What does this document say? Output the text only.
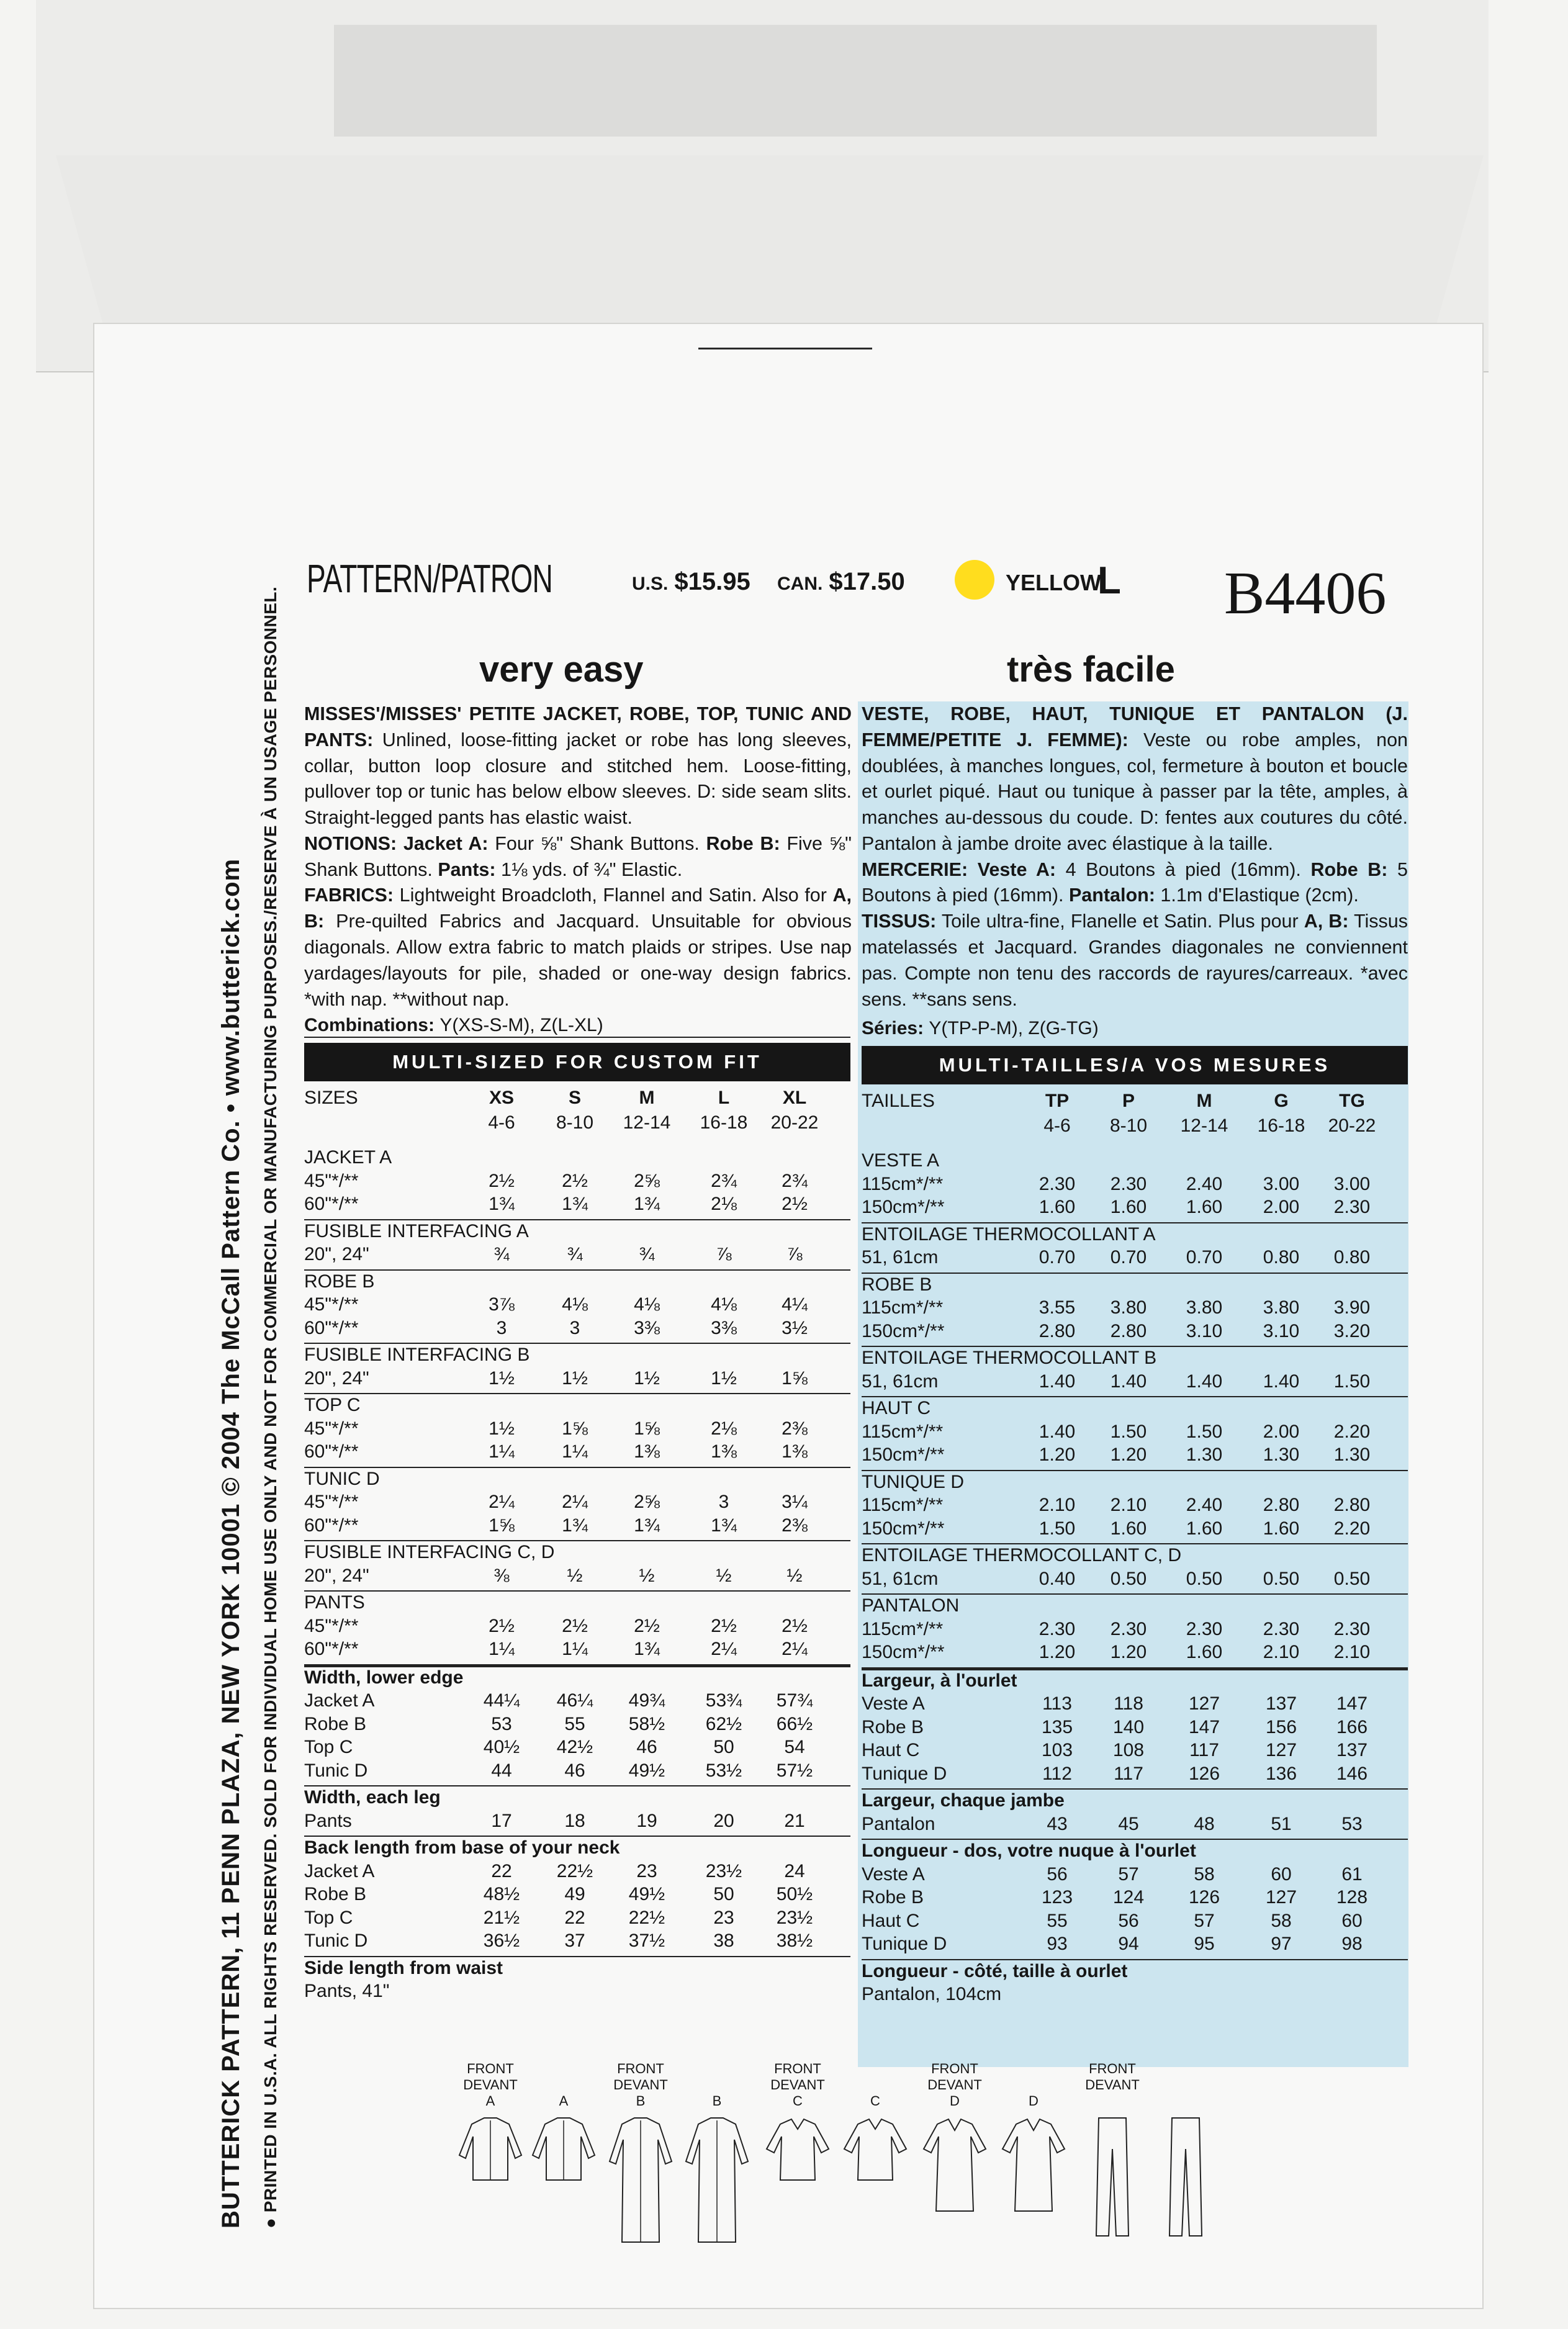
PATTERN/PATRON	U.S. $15.95 CAN. $17.50	YELLOW
L B4406
very easy	très facile
MISSES'/MISSES' PETITE JACKET, ROBE, TOP, TUNIC AND PANTS: Unlined, loose-fitting jacket or robe has long sleeves, collar, button loop closure and stitched hem. Loose-fitting, pullover top or tunic has below elbow sleeves. D: side seam slits. Straight-legged pants has elastic waist.
NOTIONS: Jacket A: Four ⅝" Shank Buttons. Robe B: Five ⅝" Shank Buttons. Pants: 1⅛ yds. of ¾" Elastic.
FABRICS: Lightweight Broadcloth, Flannel and Satin. Also for A, B: Pre-quilted Fabrics and Jacquard. Unsuitable for obvious diagonals. Allow extra fabric to match plaids or stripes. Use nap yardages/layouts for pile, shaded or one-way design fabrics. *with nap. **without nap.
VESTE, ROBE, HAUT, TUNIQUE ET PANTALON (J. FEMME/PETITE J. FEMME): Veste ou robe amples, non doublées, à manches longues, col, fermeture à bouton et boucle et ourlet piqué. Haut ou tunique à passer par la tête, amples, à manches au-dessous du coude. D: fentes aux coutures du côté. Pantalon à jambe droite avec élastique à la taille.
MERCERIE: Veste A: 4 Boutons à pied (16mm). Robe B: 5 Boutons à pied (16mm). Pantalon: 1.1m d'Elastique (2cm).
TISSUS: Toile ultra-fine, Flanelle et Satin. Plus pour A, B: Tissus matelassés et Jacquard. Grandes diagonales ne conviennent pas. Compte non tenu des raccords de rayures/carreaux. *avec sens. **sans sens.
Combinations: Y(XS-S-M), Z(L-XL)	Séries: Y(TP-P-M), Z(G-TG)
MULTI-SIZED FOR CUSTOM FIT	MULTI-TAILLES/A VOS MESURES
SIZES	XS	S	M	L	XL
4-6	8-10	12-14	16-18	20-22
JACKET A
45"*/**	2½	2½	2⅝	2¾	2¾
60"*/**	1¾	1¾	1¾	2⅛	2½
FUSIBLE INTERFACING A
20", 24"	¾	¾	¾	⅞	⅞
ROBE B
45"*/**	3⅞	4⅛	4⅛	4⅛	4¼
60"*/**	3	3	3⅜	3⅜	3½
FUSIBLE INTERFACING B
20", 24"	1½	1½	1½	1½	1⅝
TOP C
45"*/**	1½	1⅝	1⅝	2⅛	2⅜
60"*/**	1¼	1¼	1⅜	1⅜	1⅜
TUNIC D
45"*/**	2¼	2¼	2⅝	3	3¼
60"*/**	1⅝	1¾	1¾	1¾	2⅜
FUSIBLE INTERFACING C, D
20", 24"	⅜	½	½	½	½
PANTS
45"*/**	2½	2½	2½	2½	2½
60"*/**	1¼	1¼	1¾	2¼	2¼
Width, lower edge
Jacket A	44¼	46¼	49¾	53¾	57¾
Robe B	53	55	58½	62½	66½
Top C	40½	42½	46	50	54
Tunic D	44	46	49½	53½	57½
Width, each leg
Pants	17	18	19	20	21
Back length from base of your neck
Jacket A	22	22½	23	23½	24
Robe B	48½	49	49½	50	50½
Top C	21½	22	22½	23	23½
Tunic D	36½	37	37½	38	38½
Side length from waist
Pants, 41"
TAILLES	TP	P	M	G	TG
4-6	8-10	12-14	16-18	20-22
VESTE A
115cm*/**	2.30	2.30	2.40	3.00	3.00
150cm*/**	1.60	1.60	1.60	2.00	2.30
ENTOILAGE THERMOCOLLANT A
51, 61cm	0.70	0.70	0.70	0.80	0.80
ROBE B
115cm*/**	3.55	3.80	3.80	3.80	3.90
150cm*/**	2.80	2.80	3.10	3.10	3.20
ENTOILAGE THERMOCOLLANT B
51, 61cm	1.40	1.40	1.40	1.40	1.50
HAUT C
115cm*/**	1.40	1.50	1.50	2.00	2.20
150cm*/**	1.20	1.20	1.30	1.30	1.30
TUNIQUE D
115cm*/**	2.10	2.10	2.40	2.80	2.80
150cm*/**	1.50	1.60	1.60	1.60	2.20
ENTOILAGE THERMOCOLLANT C, D
51, 61cm	0.40	0.50	0.50	0.50	0.50
PANTALON
115cm*/**	2.30	2.30	2.30	2.30	2.30
150cm*/**	1.20	1.20	1.60	2.10	2.10
Largeur, à l'ourlet
Veste A	113	118	127	137	147
Robe B	135	140	147	156	166
Haut C	103	108	117	127	137
Tunique D	112	117	126	136	146
Largeur, chaque jambe
Pantalon	43	45	48	51	53
Longueur - dos, votre nuque à l'ourlet
Veste A	56	57	58	60	61
Robe B	123	124	126	127	128
Haut C	55	56	57	58	60
Tunique D	93	94	95	97	98
Longueur - côté, taille à ourlet
Pantalon, 104cm
FRONT
DEVANT
A	A
FRONT
DEVANT
B	B
FRONT
DEVANT
C	C
FRONT
DEVANT
D	D
FRONT
DEVANT
BUTTERICK PATTERN, 11 PENN PLAZA, NEW YORK 10001 © 2004 The McCall Pattern Co. • www.butterick.com ● PRINTED IN U.S.A. ALL RIGHTS RESERVED. SOLD FOR INDIVIDUAL HOME USE ONLY AND NOT FOR COMMERCIAL OR MANUFACTURING PURPOSES./RESERVE À UN USAGE PERSONNEL.
